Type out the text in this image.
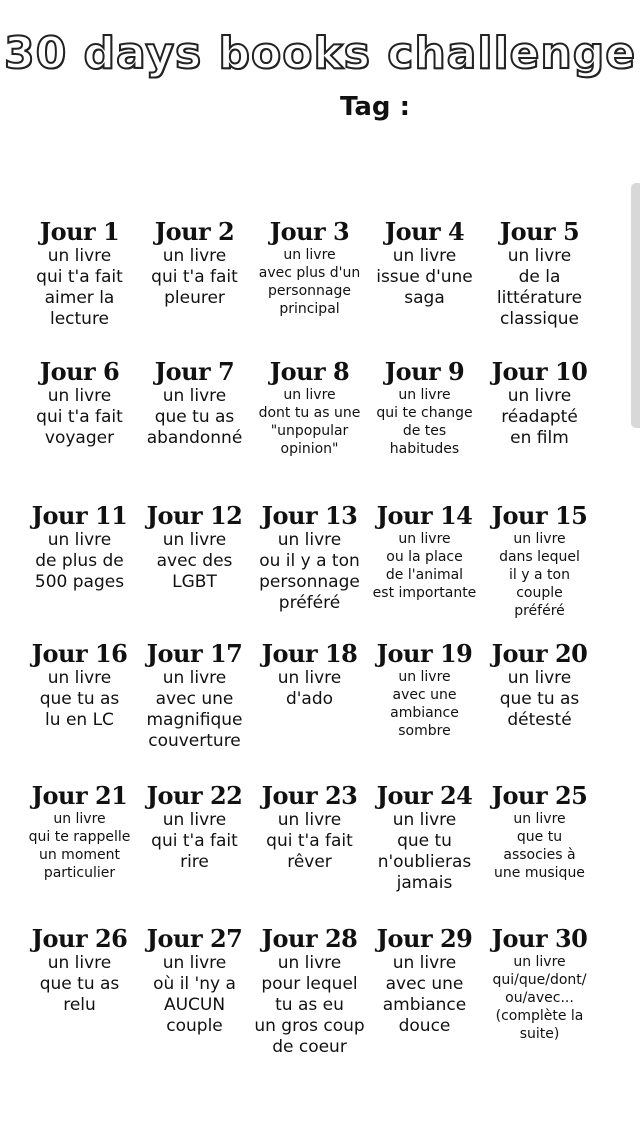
30 days books challenge
Tag :
Jour 1
un livre
qui t'a fait
aimer la
lecture
Jour 2
un livre
qui t'a fait
pleurer
Jour 3
un livre
avec plus d'un
personnage
principal
Jour 4
un livre
issue d'une
saga
Jour 5
un livre
de la
littérature
classique
Jour 6
un livre
qui t'a fait
voyager
Jour 7
un livre
que tu as
abandonné
Jour 8
un livre
dont tu as une
"unpopular
opinion"
Jour 9
un livre
qui te change
de tes
habitudes
Jour 10
un livre
réadapté
en film
Jour 11
un livre
de plus de
500 pages
Jour 12
un livre
avec des
LGBT
Jour 13
un livre
ou il y a ton
personnage
préféré
Jour 14
un livre
ou la place
de l'animal
est importante
Jour 15
un livre
dans lequel
il y a ton
couple
préféré
Jour 16
un livre
que tu as
lu en LC
Jour 17
un livre
avec une
magnifique
couverture
Jour 18
un livre
d'ado
Jour 19
un livre
avec une
ambiance
sombre
Jour 20
un livre
que tu as
détesté
Jour 21
un livre
qui te rappelle
un moment
particulier
Jour 22
un livre
qui t'a fait
rire
Jour 23
un livre
qui t'a fait
rêver
Jour 24
un livre
que tu
n'oublieras
jamais
Jour 25
un livre
que tu
associes à
une musique
Jour 26
un livre
que tu as
relu
Jour 27
un livre
où il 'ny a
AUCUN
couple
Jour 28
un livre
pour lequel
tu as eu
un gros coup
de coeur
Jour 29
un livre
avec une
ambiance
douce
Jour 30
un livre
qui/que/dont/
ou/avec...
(complète la
suite)
